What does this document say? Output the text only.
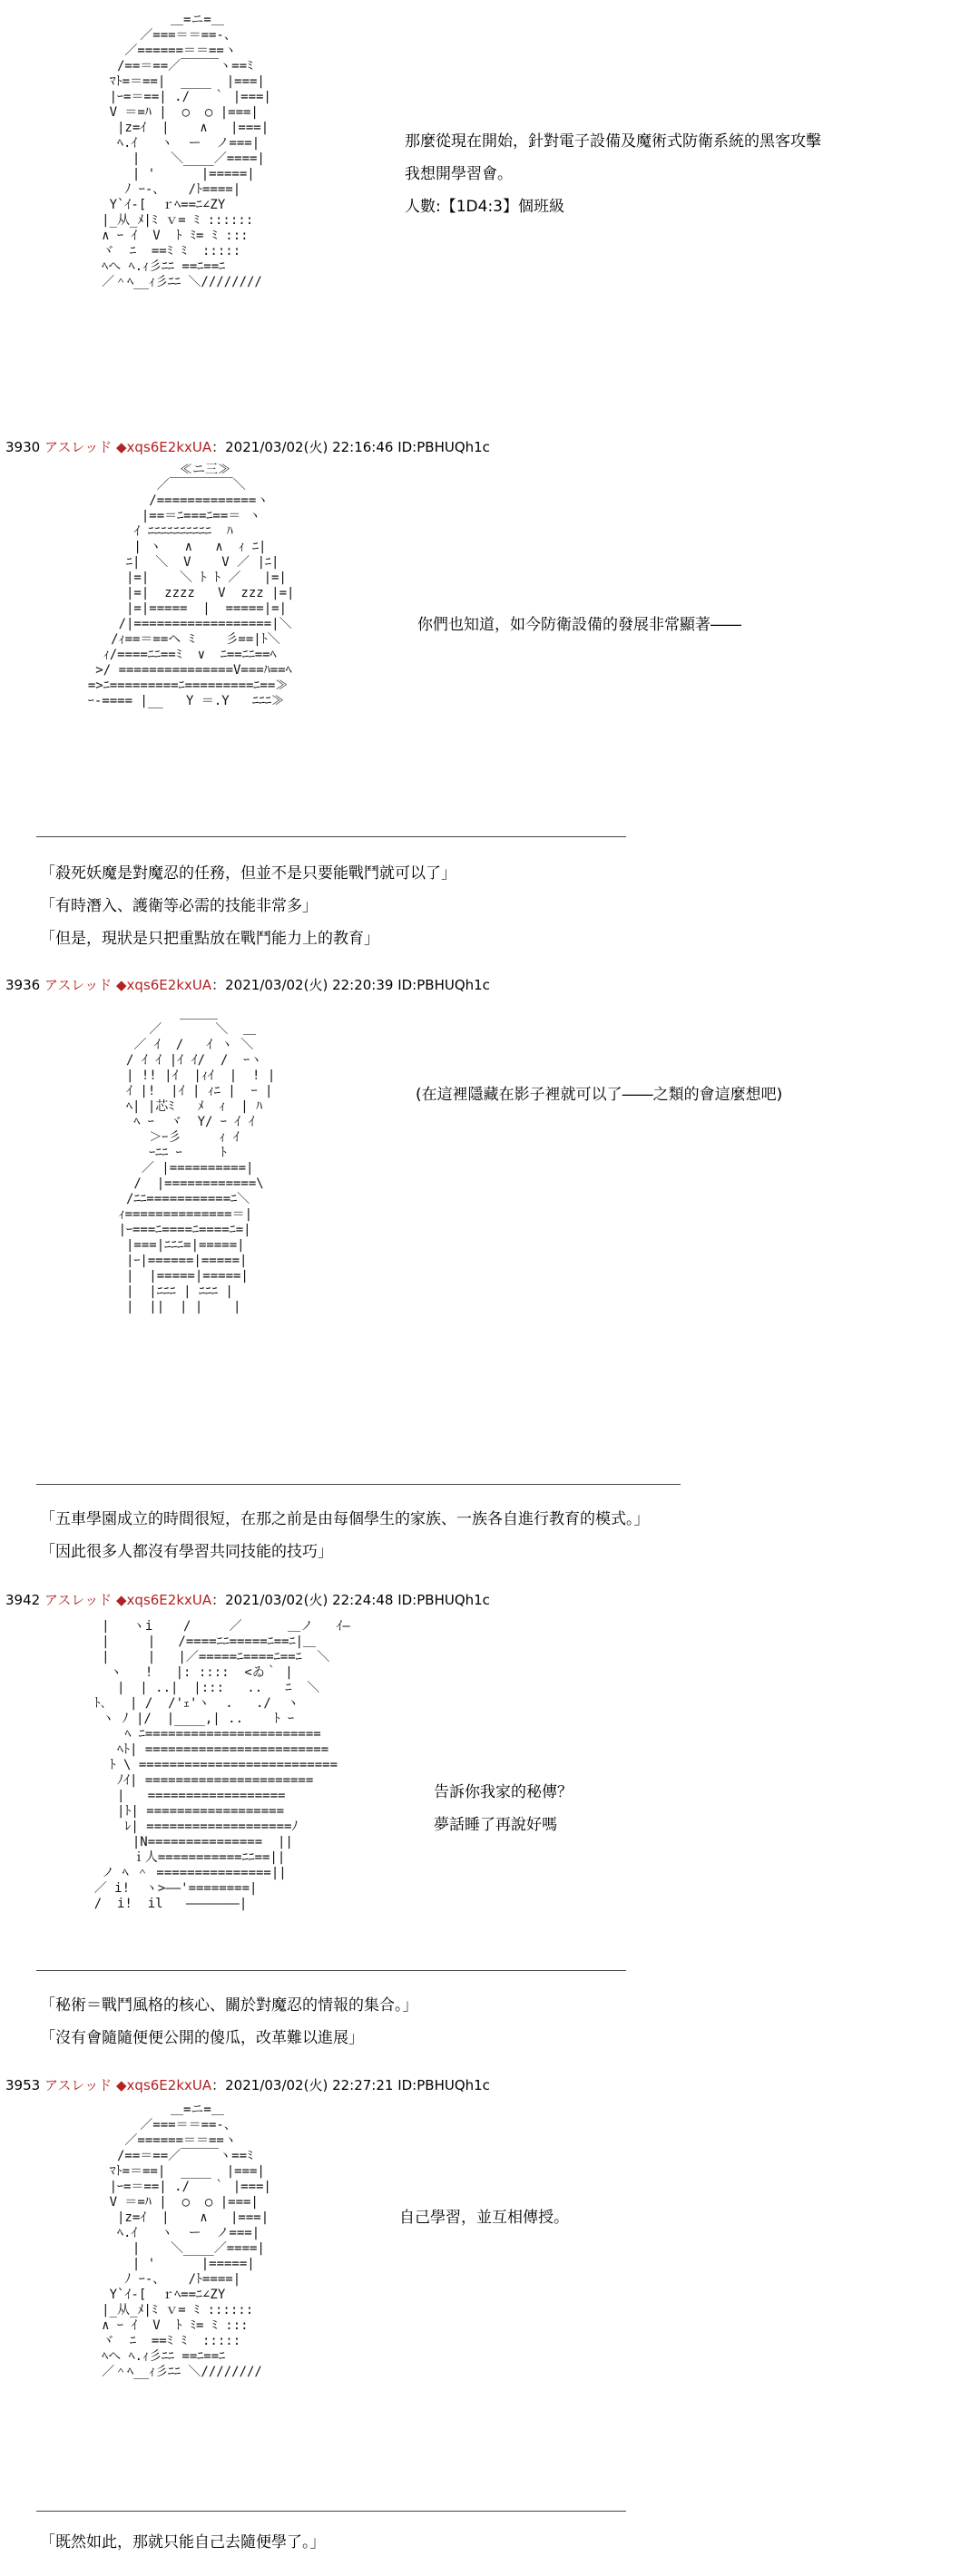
＿=ニ=＿
／===＝＝==-、
／======＝＝==ヽ
/==＝==／￣￣￣ヽ==ﾐ
ﾏﾄ=＝==|  ____  |===|
|ｰ=＝==| ./   ｀ |===|
V ＝=ﾊ |  ○  ○ |===|
|z=ｲ  |    ∧   |===|
ﾍ.ｲ   ヽ  ー  ノ===|
|    ＼____／====|
| '      |=====|
ﾉ ｰ-、   /ﾄ====|
Y`ｲ-[  ｒﾍ==ﾆ∠ZY
|_从_ﾒ|ﾐ ｖ= ﾐ ::::::
∧ ｰ ｲ  V  ﾄ ﾐ= ﾐ :::
ヾ  ﾆ  ==ﾐ ﾐ  :::::
ﾍへ ﾍ.ｨ彡ﾆﾆ ==ﾆ==ﾆ
／＾ﾍ__ｨ彡ﾆﾆ ＼////////
那麼從現在開始，針對電子設備及魔術式防衛系統的黑客攻擊
我想開學習會。
人數:【1D4:3】個班級
3930 アスレッド ◆xqs6E2kxUA：2021/03/02(火) 22:16:46 ID:PBHUQh1c
≪ニ三≫
／￣￣￣￣￣＼
/=============ヽ
|==＝ﾆ===ﾆ==＝ ヽ
ｲ ﾆﾆﾆﾆﾆﾆﾆﾆﾆﾆ  ﾊ
| ヽ   ∧   ∧  ｨ ﾆ|
ﾆ|  ＼  V    V ／ |ﾆ|
|=|    ＼ ﾄ ﾄ ／   |=|
|=|  zzzz   V  zzz |=|
|=|=====  |  =====|=|
/|==================|＼
/ｨ==＝==ヘ ﾐ    彡==|ﾄ＼
ｨ/====ﾆﾆ==ﾐ  ∨  ﾆ==ﾆﾆ==ﾍ
>/ ===============V===ﾊ==ﾍ
=>ﾆ=========ﾆ=========ﾆ==≫
ｰ-==== |__   Y ＝.Y   ﾆﾆﾆ≫
你們也知道，如今防衛設備的發展非常顯著――
「殺死妖魔是對魔忍的任務，但並不是只要能戰鬥就可以了」
「有時潛入、護衛等必需的技能非常多」
「但是，現狀是只把重點放在戰鬥能力上的教育」
3936 アスレッド ◆xqs6E2kxUA：2021/03/02(火) 22:20:39 ID:PBHUQh1c
＿＿＿
／       ＼  ＿
／ ｲ  /   ｲ ヽ ＼
/ ｲ ｲ |ｲ ｲ/  /  ｰヽ
| !! |ｲ  |ｨｲ  |  ! |
ｲ |!  |ｲ | ｨﾆ |  ｰ |
ﾍ| |芯ﾐ   ﾒ  ｨ  | ﾊ
ﾍ ｰ  ヾ  Y/ ｰ ｲ ｲ
＞ｰ彡     ｨ ｲ
ｰﾆﾆ ｰ     ﾄ
／ |==========|
/  |============\
/ﾆﾆ===========ﾆ＼
ｨ==============＝|
|ｰ===ﾆ====ﾆ====ﾆ=|
|===|ﾆﾆﾆ=|=====|
|ｰ|======|=====|
|  |=====|=====|
|  |ﾆﾆﾆ | ﾆﾆﾆ |
|  ||  | |    |
(在這裡隱藏在影子裡就可以了――之類的會這麼想吧)
「五車學園成立的時間很短，在那之前是由每個學生的家族、一族各自進行教育的模式。」
「因此很多人都沒有學習共同技能的技巧」
3942 アスレッド ◆xqs6E2kxUA：2021/03/02(火) 22:24:48 ID:PBHUQh1c
|   ヽi    /     ／      ＿ノ   ｲ―
|     |   /====ﾆﾆ=====ﾆ==ﾆ|＿
|     |   |／=====ﾆ====ﾆ==ﾆ  ＼
ヽ   !   |: ::::  <ゐ｀ |
|  | ..|  |:::   ..   ﾆ  ＼
ﾄ､   | /  /'ｪ'ヽ  .   ./  ヽ
ヽ ﾉ |/  |____,| ..    ﾄ ｰ
ﾍ ﾆ=======================
ﾍﾄ| ========================
ﾄ \ ==========================
ﾉｲ| ======================
|   ==================
|ﾄ| ==================
ﾚ| ===================ﾉ
|N===============  ||
ｉ人===========ﾆﾆ==||
ノ ﾍ ＾ ===============||
／ i!  ヽ>――'========|
/  i!  il   ―――――――|
告訴你我家的秘傳？
夢話睡了再說好嗎
「秘術＝戰鬥風格的核心、關於對魔忍的情報的集合。」
「沒有會隨隨便便公開的傻瓜，改革難以進展」
3953 アスレッド ◆xqs6E2kxUA：2021/03/02(火) 22:27:21 ID:PBHUQh1c
＿=ニ=＿
／===＝＝==-、
／======＝＝==ヽ
/==＝==／￣￣￣ヽ==ﾐ
ﾏﾄ=＝==|  ____  |===|
|ｰ=＝==| ./   ｀ |===|
V ＝=ﾊ |  ○  ○ |===|
|z=ｲ  |    ∧   |===|
ﾍ.ｲ   ヽ  ー  ノ===|
|    ＼____／====|
| '      |=====|
ﾉ ｰ-、   /ﾄ====|
Y`ｲ-[  ｒﾍ==ﾆ∠ZY
|_从_ﾒ|ﾐ ｖ= ﾐ ::::::
∧ ｰ ｲ  V  ﾄ ﾐ= ﾐ :::
ヾ  ﾆ  ==ﾐ ﾐ  :::::
ﾍへ ﾍ.ｨ彡ﾆﾆ ==ﾆ==ﾆ
／＾ﾍ__ｨ彡ﾆﾆ ＼////////
自己學習，並互相傳授。
「既然如此，那就只能自己去隨便學了。」
